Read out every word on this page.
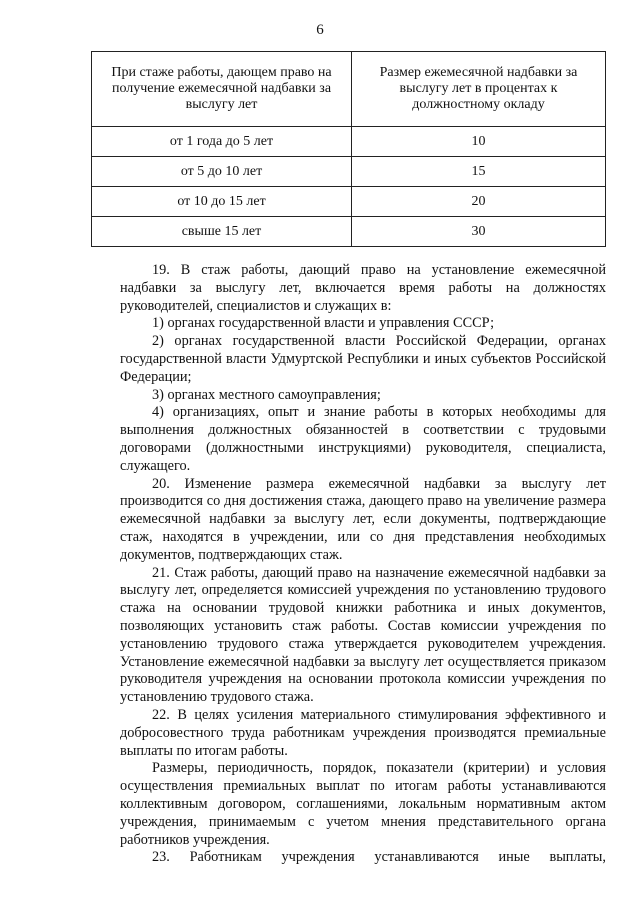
6
При стаже работы, дающем право на получение ежемесячной надбавки за выслугу лет	Размер ежемесячной надбавки за выслугу лет в процентах к должностному окладу
от 1 года до 5 лет	10
от 5 до 10 лет	15
от 10 до 15 лет	20
свыше 15 лет	30

19. В стаж работы, дающий право на установление ежемесячной надбавки за выслугу лет, включается время работы на должностях руководителей, специалистов и служащих в:

1) органах государственной власти и управления СССР;

2) органах государственной власти Российской Федерации, органах государственной власти Удмуртской Республики и иных субъектов Российской Федерации;

3) органах местного самоуправления;

4) организациях, опыт и знание работы в которых необходимы для выполнения должностных обязанностей в соответствии с трудовыми договорами (должностными инструкциями) руководителя, специалиста, служащего.

20. Изменение размера ежемесячной надбавки за выслугу лет производится со дня достижения стажа, дающего право на увеличение размера ежемесячной надбавки за выслугу лет, если документы, подтверждающие стаж, находятся в учреждении, или со дня представления необходимых документов, подтверждающих стаж.

21. Стаж работы, дающий право на назначение ежемесячной надбавки за выслугу лет, определяется комиссией учреждения по установлению трудового стажа на основании трудовой книжки работника и иных документов, позволяющих установить стаж работы. Состав комиссии учреждения по установлению трудового стажа утверждается руководителем учреждения. Установление ежемесячной надбавки за выслугу лет осуществляется приказом руководителя учреждения на основании протокола комиссии учреждения по установлению трудового стажа.

22. В целях усиления материального стимулирования эффективного и добросовестного труда работникам учреждения производятся премиальные выплаты по итогам работы.

Размеры, периодичность, порядок, показатели (критерии) и условия осуществления премиальных выплат по итогам работы устанавливаются коллективным договором, соглашениями, локальным нормативным актом учреждения, принимаемым с учетом мнения представительного органа работников учреждения.

23. Работникам учреждения устанавливаются иные выплаты,
